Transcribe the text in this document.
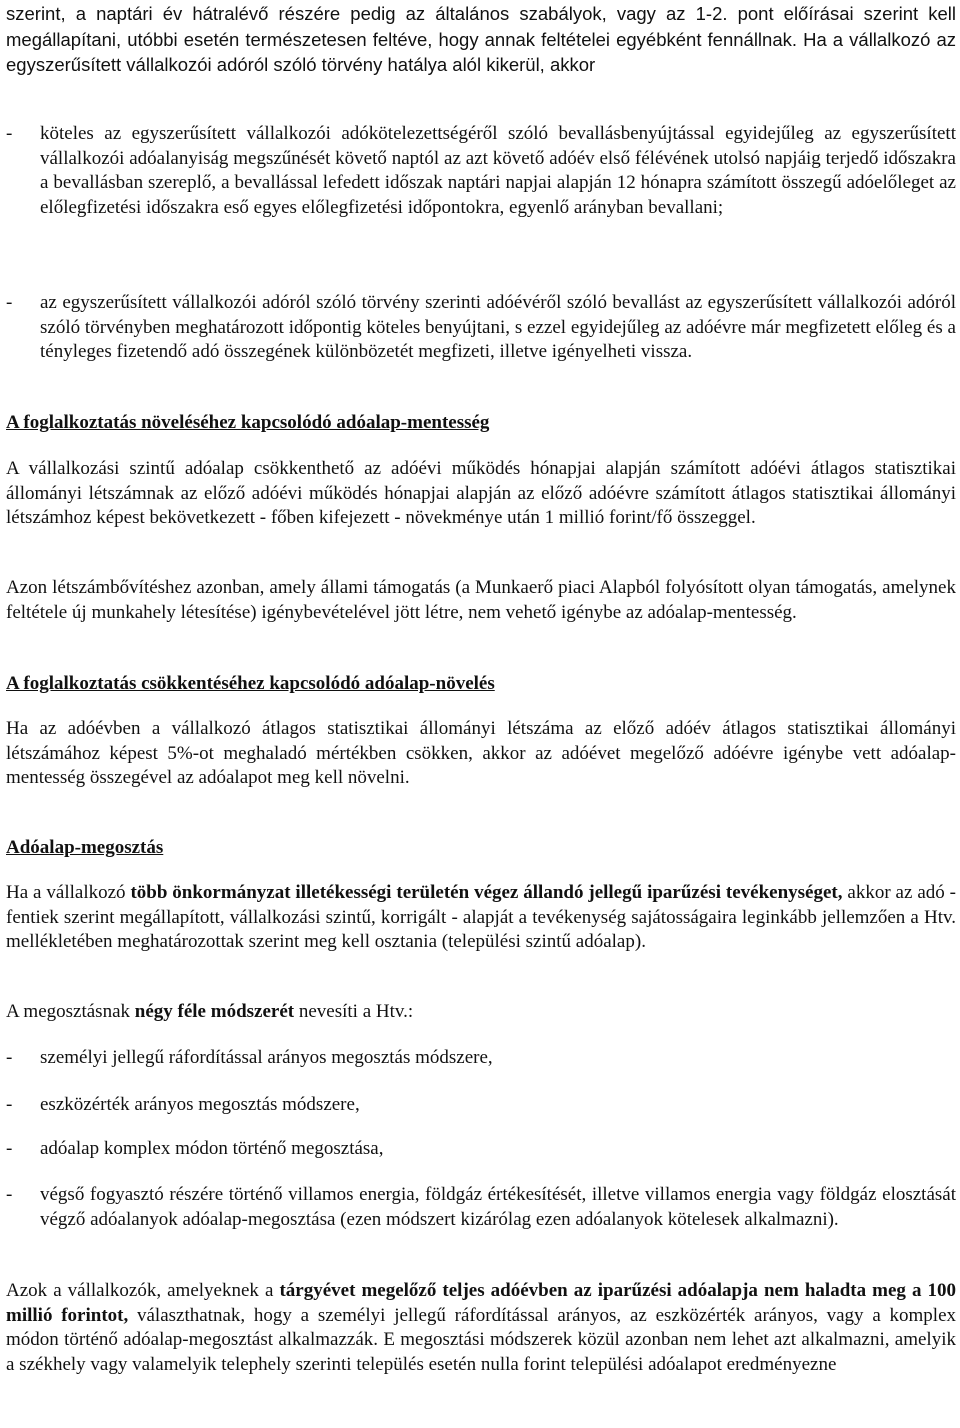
szerint, a naptári év hátralévő részére pedig az általános szabályok, vagy az 1-2. pont előírásai szerint kell megállapítani, utóbbi esetén természetesen feltéve, hogy annak feltételei egyébként fennállnak. Ha a vállalkozó az egyszerűsített vállalkozói adóról szóló törvény hatálya alól kikerül, akkor

-	köteles az egyszerűsített vállalkozói adókötelezettségéről szóló bevallásbenyújtással egyidejűleg az egyszerűsített vállalkozói adóalanyiság megszűnését követő naptól az azt követő adóév első félévének utolsó napjáig terjedő időszakra a bevallásban szereplő, a bevallással lefedett időszak naptári napjai alapján 12 hónapra számított összegű adóelőleget az előlegfizetési időszakra eső egyes előlegfizetési időpontokra, egyenlő arányban bevallani;
-	az egyszerűsített vállalkozói adóról szóló törvény szerinti adóévéről szóló bevallást az egyszerűsített vállalkozói adóról szóló törvényben meghatározott időpontig köteles benyújtani, s ezzel egyidejűleg az adóévre már megfizetett előleg és a tényleges fizetendő adó összegének különbözetét megfizeti, illetve igényelheti vissza.

A foglalkoztatás növeléséhez kapcsolódó adóalap-mentesség

A vállalkozási szintű adóalap csökkenthető az adóévi működés hónapjai alapján számított adóévi átlagos statisztikai állományi létszámnak az előző adóévi működés hónapjai alapján az előző adóévre számított átlagos statisztikai állományi létszámhoz képest bekövetkezett - főben kifejezett - növekménye után 1 millió forint/fő összeggel.

Azon létszámbővítéshez azonban, amely állami támogatás (a Munkaerő piaci Alapból folyósított olyan támogatás, amelynek feltétele új munkahely létesítése) igénybevételével jött létre, nem vehető igénybe az adóalap-mentesség.

A foglalkoztatás csökkentéséhez kapcsolódó adóalap-növelés

Ha az adóévben a vállalkozó átlagos statisztikai állományi létszáma az előző adóév átlagos statisztikai állományi létszámához képest 5%-ot meghaladó mértékben csökken, akkor az adóévet megelőző adóévre igénybe vett adóalap-mentesség összegével az adóalapot meg kell növelni.

Adóalap-megosztás

Ha a vállalkozó több önkormányzat illetékességi területén végez állandó jellegű iparűzési tevékenységet, akkor az adó - fentiek szerint megállapított, vállalkozási szintű, korrigált - alapját a tevékenység sajátosságaira leginkább jellemzően a Htv. mellékletében meghatározottak szerint meg kell osztania (települési szintű adóalap).

A megosztásnak négy féle módszerét nevesíti a Htv.:

-	személyi jellegű ráfordítással arányos megosztás módszere,
-	eszközérték arányos megosztás módszere,
-	adóalap komplex módon történő megosztása,
-	végső fogyasztó részére történő villamos energia, földgáz értékesítését, illetve villamos energia vagy földgáz elosztását végző adóalanyok adóalap-megosztása (ezen módszert kizárólag ezen adóalanyok kötelesek alkalmazni).

Azok a vállalkozók, amelyeknek a tárgyévet megelőző teljes adóévben az iparűzési adóalapja nem haladta meg a 100 millió forintot, választhatnak, hogy a személyi jellegű ráfordítással arányos, az eszközérték arányos, vagy a komplex módon történő adóalap-megosztást alkalmazzák. E megosztási módszerek közül azonban nem lehet azt alkalmazni, amelyik a székhely vagy valamelyik telephely szerinti település esetén nulla forint települési adóalapot eredményezne
